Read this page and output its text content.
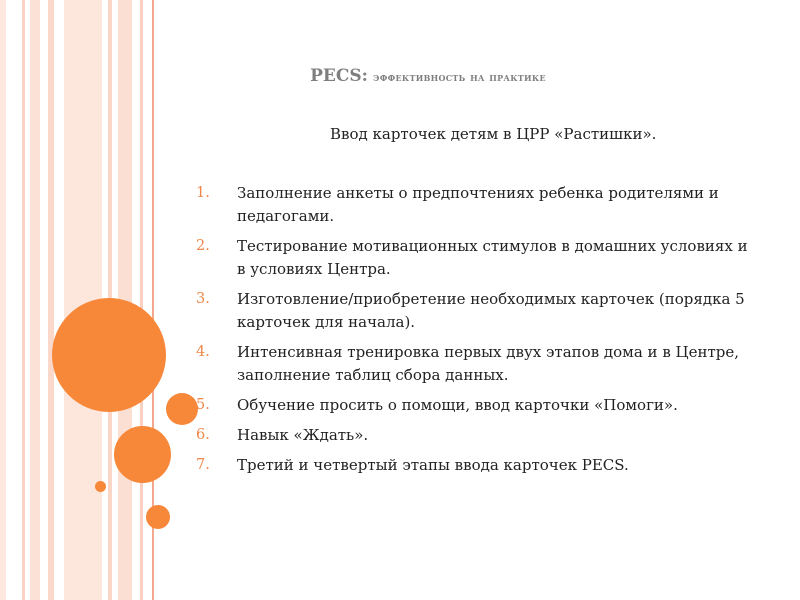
PECS: эффективность на практике
Ввод карточек детям в ЦРР «Растишки».
1.	Заполнение анкеты о предпочтениях ребенка родителями и педагогами.
2.	Тестирование мотивационных стимулов в домашних условиях и в условиях Центра.
3.	Изготовление/приобретение необходимых карточек (порядка 5 карточек для начала).
4.	Интенсивная тренировка первых двух этапов дома и в Центре, заполнение таблиц сбора данных.
5.	Обучение просить о помощи, ввод карточки «Помоги».
6.	Навык «Ждать».
7.	Третий и четвертый этапы ввода карточек PECS.
